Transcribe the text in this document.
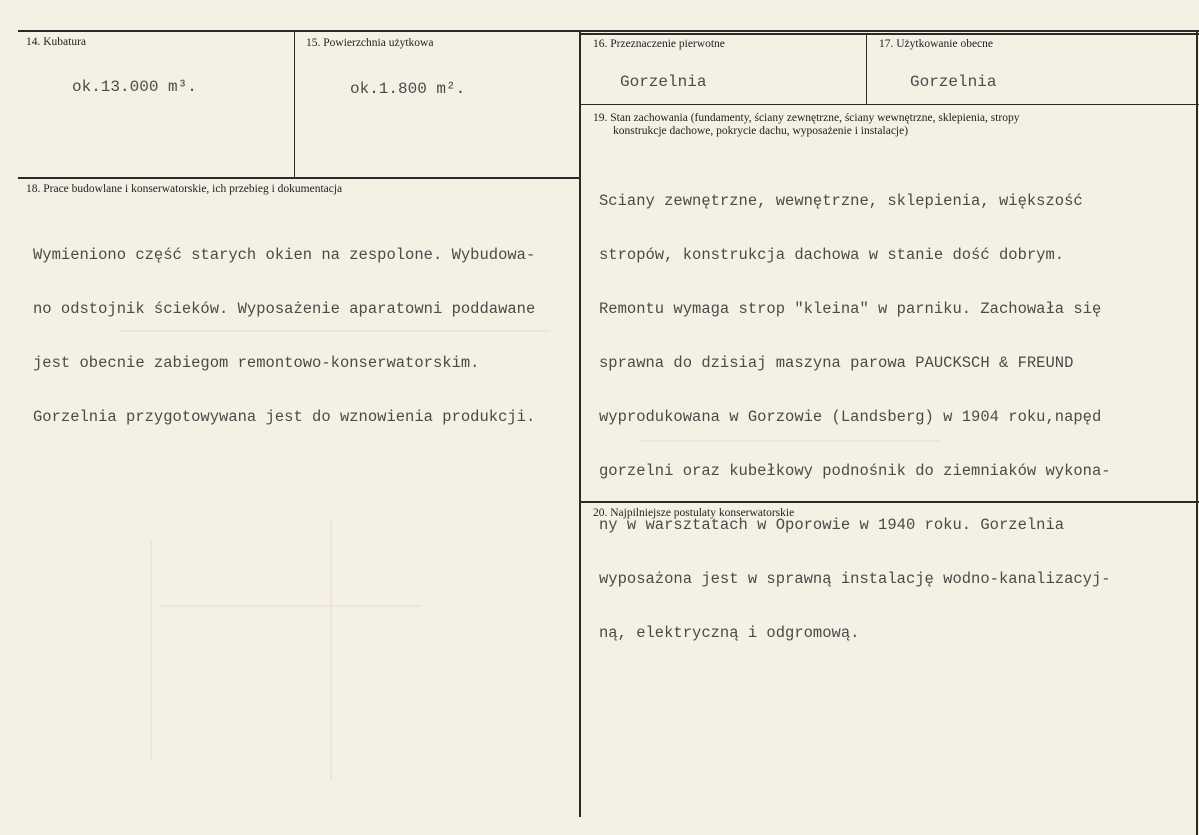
14. Kubatura
ok.13.000 m³.
15. Powierzchnia użytkowa
ok.1.800 m².
16. Przeznaczenie pierwotne
Gorzelnia
17. Użytkowanie obecne
Gorzelnia
18. Prace budowlane i konserwatorskie, ich przebieg i dokumentacja

Wymieniono część starych okien na zespolone. Wybudowa-

no odstojnik ścieków. Wyposażenie aparatowni poddawane

jest obecnie zabiegom remontowo-konserwatorskim.

Gorzelnia przygotowywana jest do wznowienia produkcji.

19. Stan zachowania (fundamenty, ściany zewnętrzne, ściany wewnętrzne, sklepienia, stropy
konstrukcje dachowe, pokrycie dachu, wyposażenie i instalacje)

Sciany zewnętrzne, wewnętrzne, sklepienia, większość

stropów, konstrukcja dachowa w stanie dość dobrym.

Remontu wymaga strop "kleina" w parniku. Zachowała się

sprawna do dzisiaj maszyna parowa PAUCKSCH & FREUND

wyprodukowana w Gorzowie (Landsberg) w 1904 roku,napęd

gorzelni oraz kubełkowy podnośnik do ziemniaków wykona-

ny w warsztatach w Oporowie w 1940 roku. Gorzelnia

wyposażona jest w sprawną instalację wodno-kanalizacyj-

ną, elektryczną i odgromową.

20. Najpilniejsze postulaty konserwatorskie
